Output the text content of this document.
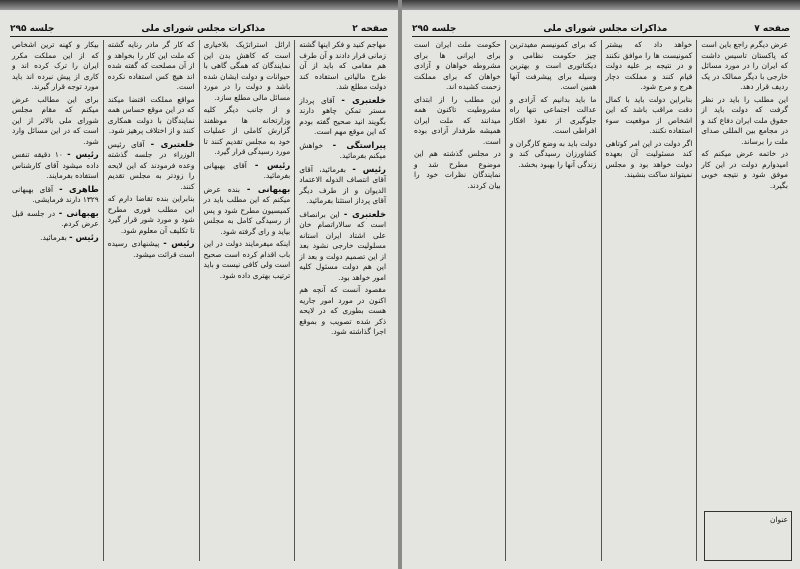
صفحه ۲
مذاکرات مجلس شورای ملی
جلسه ۲۹۵

مهاجم کنید و فکر اینها گشته زمانی قرار دادند و آن طرف هم مقامی که باید از آن طرح مالیاتی استفاده کند دولت مطلع شد.

خلعتبری - آقای پرداز مستر تمکن چاهو دارند بگویند انید صحیح گفته بودم که این موقع مهم است.

پیراستگی - خواهش میکنم بفرمائید.

رئیس - بفرمائید، آقای آقای انتصاف الدوله الاعتماد الدیوان و از طرف دیگر آقای پرداز استثنا بفرمائید.

خلعتبری - این برانصاف است که سالاراتصام خان علی اشتاد ایران استانه مسلولیت خارجی نشود بعد از این تصمیم دولت و بعد از این هم دولت مسئول کلیه امور خواهد بود.

مقصود آنست که آنچه هم اکنون در مورد امور جاریه هست بطوری که در لایحه ذکر شده تصویب و بموقع اجرا گذاشته شود.

ارائل استراتژیک بلاخیاری است که کاهش بدن این نمایندگان که همگی گاهی با حیوانات و دولت ایشان شده باشد و دولت را در مورد مسائل مالی مطلع سازد.

و از جانب دیگر کلیه وزارتخانه ها موظفند گزارش کاملی از عملیات خود به مجلس تقدیم کنند تا مورد رسیدگی قرار گیرد.

رئیس - آقای بهبهانی بفرمائید.

بهبهانی - بنده عرض میکنم که این مطلب باید در کمیسیون مطرح شود و پس از رسیدگی کامل به مجلس بیاید و رای گرفته شود.

اینکه میفرمایند دولت در این باب اقدام کرده است صحیح است ولی کافی نیست و باید ترتیب بهتری داده شود.

که کار گر مادر رنایه گشته که ملت این کار را بخواهد و از آن مصلحت که گفته شده اند هیچ کس استفاده نکرده است.

مواقع مملکت اقتضا میکند که در این موقع حساس همه نمایندگان با دولت همکاری کنند و از اختلاف پرهیز شود.

خلعتبری - آقای رئیس الوزراء در جلسه گذشته وعده فرمودند که این لایحه را زودتر به مجلس تقدیم کنند.

بنابراین بنده تقاضا دارم که این مطلب فوری مطرح شود و مورد شور قرار گیرد تا تکلیف آن معلوم شود.

رئیس - پیشنهادی رسیده است قرائت میشود.

بیکار و کهنه ترین اشخاص که از این مملکت مکرر ایران را ترک کرده اند و کاری از پیش نبرده اند باید مورد توجه قرار گیرند.

برای این مطالب عرض میکنم که مقام مجلس شورای ملی بالاتر از این است که در این مسائل وارد شود.

رئیس - ۱۰ دقیقه تنفس داده میشود آقای کارشناس استفاده بفرمایند.

طاهری - آقای بهبهانی ۱۳۲۹ دارند فرمایشی.

بهبهانی - در جلسه قبل عرض کردم.

رئیس - بفرمائید.

صفحه ۷
مذاکرات مجلس شورای ملی
جلسه ۲۹۵

عرض دیگرم راجع باین است که پاکستان تاسیس داشت که ایران را در مورد مسائل خارجی با دیگر ممالک در یک ردیف قرار دهد.

این مطلب را باید در نظر گرفت که دولت باید از حقوق ملت ایران دفاع کند و در مجامع بین المللی صدای ملت را برساند.

در خاتمه عرض میکنم که امیدوارم دولت در این کار موفق شود و نتیجه خوبی بگیرد.

خواهد داد که بیشتر کمونیست ها را موافق نکنند و در نتیجه بر علیه دولت قیام کنند و مملکت دچار هرج و مرج شود.

بنابراین دولت باید با کمال دقت مراقب باشد که این اشخاص از موقعیت سوء استفاده نکنند.

اگر دولت در این امر کوتاهی کند مسئولیت آن بعهده دولت خواهد بود و مجلس نمیتواند ساکت بنشیند.

که برای کمونیسم مفیدترین چیز حکومت نظامی و دیکتاتوری است و بهترین وسیله برای پیشرفت آنها همین است.

ما باید بدانیم که آزادی و عدالت اجتماعی تنها راه جلوگیری از نفوذ افکار افراطی است.

دولت باید به وضع کارگران و کشاورزان رسیدگی کند و زندگی آنها را بهبود بخشد.

حکومت ملت ایران است برای ایرانی ها برای مشروطه خواهان و آزادی خواهان که برای مملکت زحمت کشیده اند.

این مطلب را از ابتدای مشروطیت تاکنون همه میدانند که ملت ایران همیشه طرفدار آزادی بوده است.

در مجلس گذشته هم این موضوع مطرح شد و نمایندگان نظرات خود را بیان کردند.

عنوان
